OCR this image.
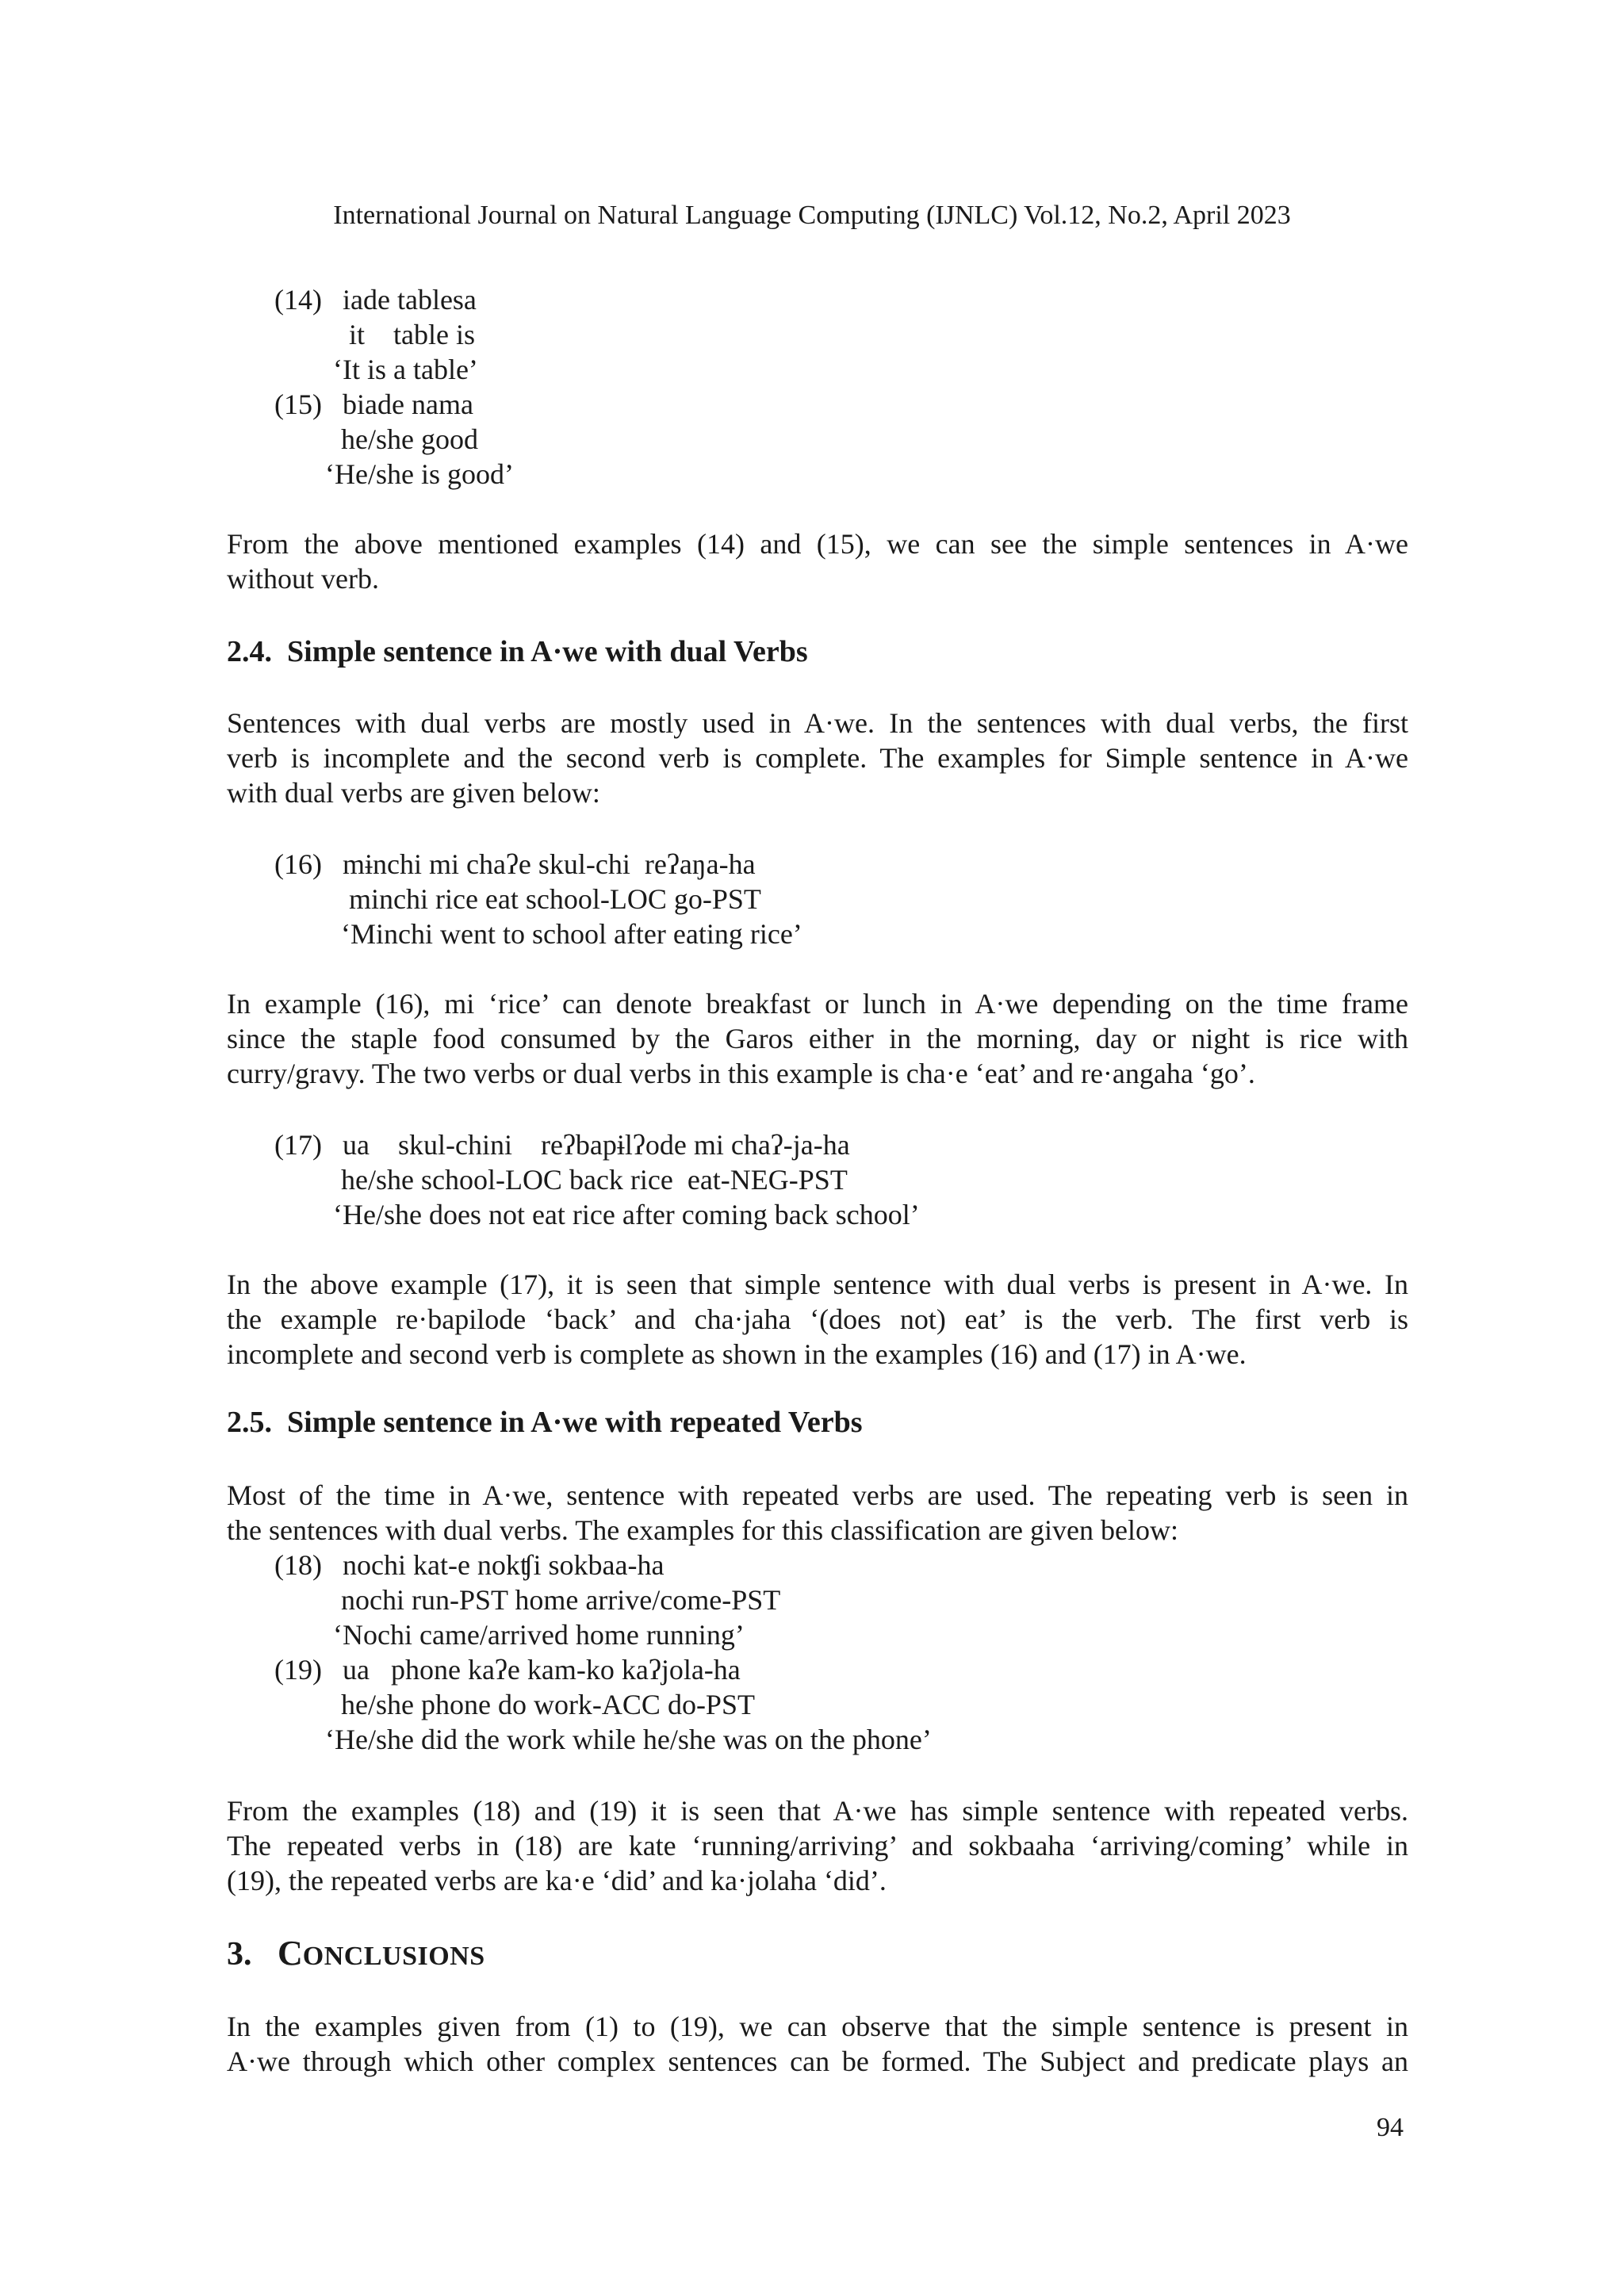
International Journal on Natural Language Computing (IJNLC) Vol.12, No.2, April 2023
(14) iade tablesa
it    table is
‘It is a table’
(15) biade nama
he/she good
‘He/she is good’

From the above mentioned examples (14) and (15), we can see the simple sentences in A·we
without verb.

2.4. Simple sentence in A·we with dual Verbs

Sentences with dual verbs are mostly used in A·we. In the sentences with dual verbs, the first
verb is incomplete and the second verb is complete. The examples for Simple sentence in A·we
with dual verbs are given below:

(16) mɨnchi mi chaʔe skul-chi  reʔaŋa-ha
minchi rice eat school-LOC go-PST
‘Minchi went to school after eating rice’

In example (16), mi ‘rice’ can denote breakfast or lunch in A·we depending on the time frame
since the staple food consumed by the Garos either in the morning, day or night is rice with
curry/gravy. The two verbs or dual verbs in this example is cha·e ‘eat’ and re·angaha ‘go’.

(17) ua    skul-chini    reʔbapɨlʔode mi chaʔ-ja-ha
he/she school-LOC back rice  eat-NEG-PST
‘He/she does not eat rice after coming back school’

In the above example (17), it is seen that simple sentence with dual verbs is present in A·we. In
the example re·bapilode ‘back’ and cha·jaha ‘(does not) eat’ is the verb. The first verb is
incomplete and second verb is complete as shown in the examples (16) and (17) in A·we.

2.5. Simple sentence in A·we with repeated Verbs

Most of the time in A·we, sentence with repeated verbs are used. The repeating verb is seen in
the sentences with dual verbs. The examples for this classification are given below:

(18) nochi kat-e nokʧi sokbaa-ha
nochi run-PST home arrive/come-PST
‘Nochi came/arrived home running’
(19) ua   phone kaʔe kam-ko kaʔjola-ha
he/she phone do work-ACC do-PST
‘He/she did the work while he/she was on the phone’

From the examples (18) and (19) it is seen that A·we has simple sentence with repeated verbs.
The repeated verbs in (18) are kate ‘running/arriving’ and sokbaaha ‘arriving/coming’ while in
(19), the repeated verbs are ka·e ‘did’ and ka·jolaha ‘did’.

3. CONCLUSIONS

In the examples given from (1) to (19), we can observe that the simple sentence is present in
A·we through which other complex sentences can be formed. The Subject and predicate plays an

94
